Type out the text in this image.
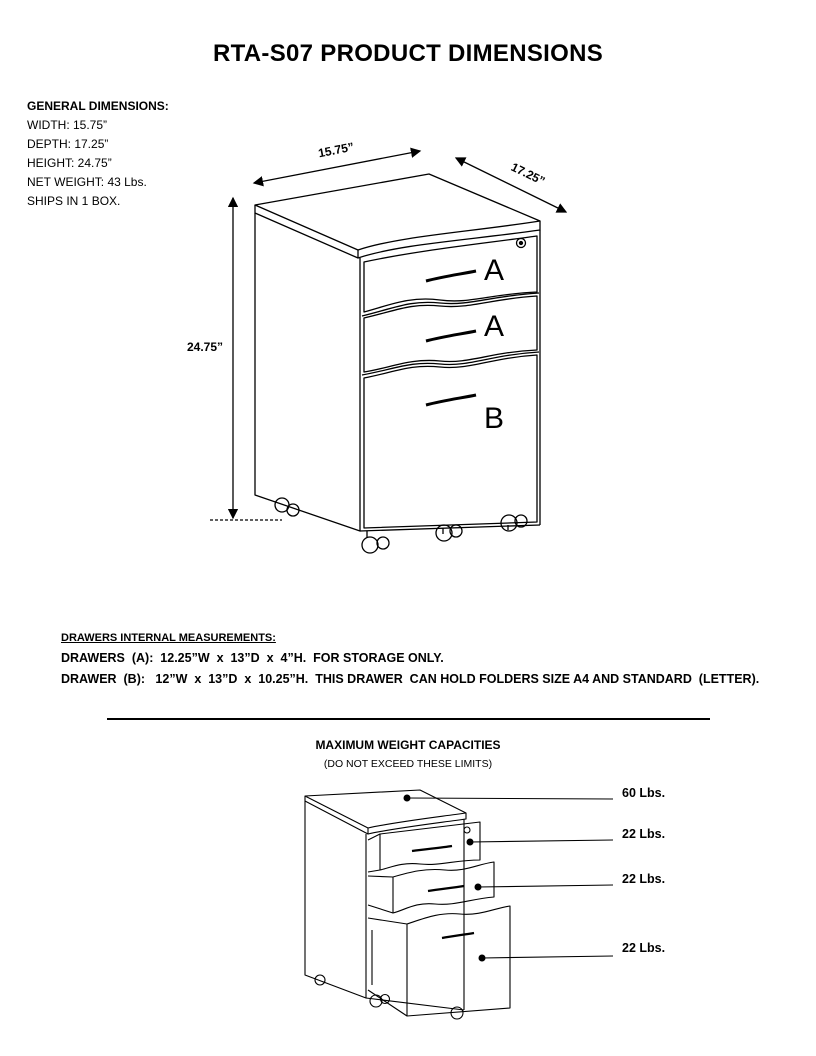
RTA-S07 PRODUCT DIMENSIONS
GENERAL DIMENSIONS:
WIDTH: 15.75”
DEPTH: 17.25”
HEIGHT: 24.75”
NET WEIGHT: 43 Lbs.
SHIPS IN 1 BOX.
15.75”
17.25”
24.75”
A
A
B
DRAWERS INTERNAL MEASUREMENTS:
DRAWERS  (A):  12.25”W  x  13”D  x  4”H.  FOR STORAGE ONLY.
DRAWER  (B):   12”W  x  13”D  x  10.25”H.  THIS DRAWER  CAN HOLD FOLDERS SIZE A4 AND STANDARD  (LETTER).
MAXIMUM WEIGHT CAPACITIES
(DO NOT EXCEED THESE LIMITS)
60 Lbs.
22 Lbs.
22 Lbs.
22 Lbs.
